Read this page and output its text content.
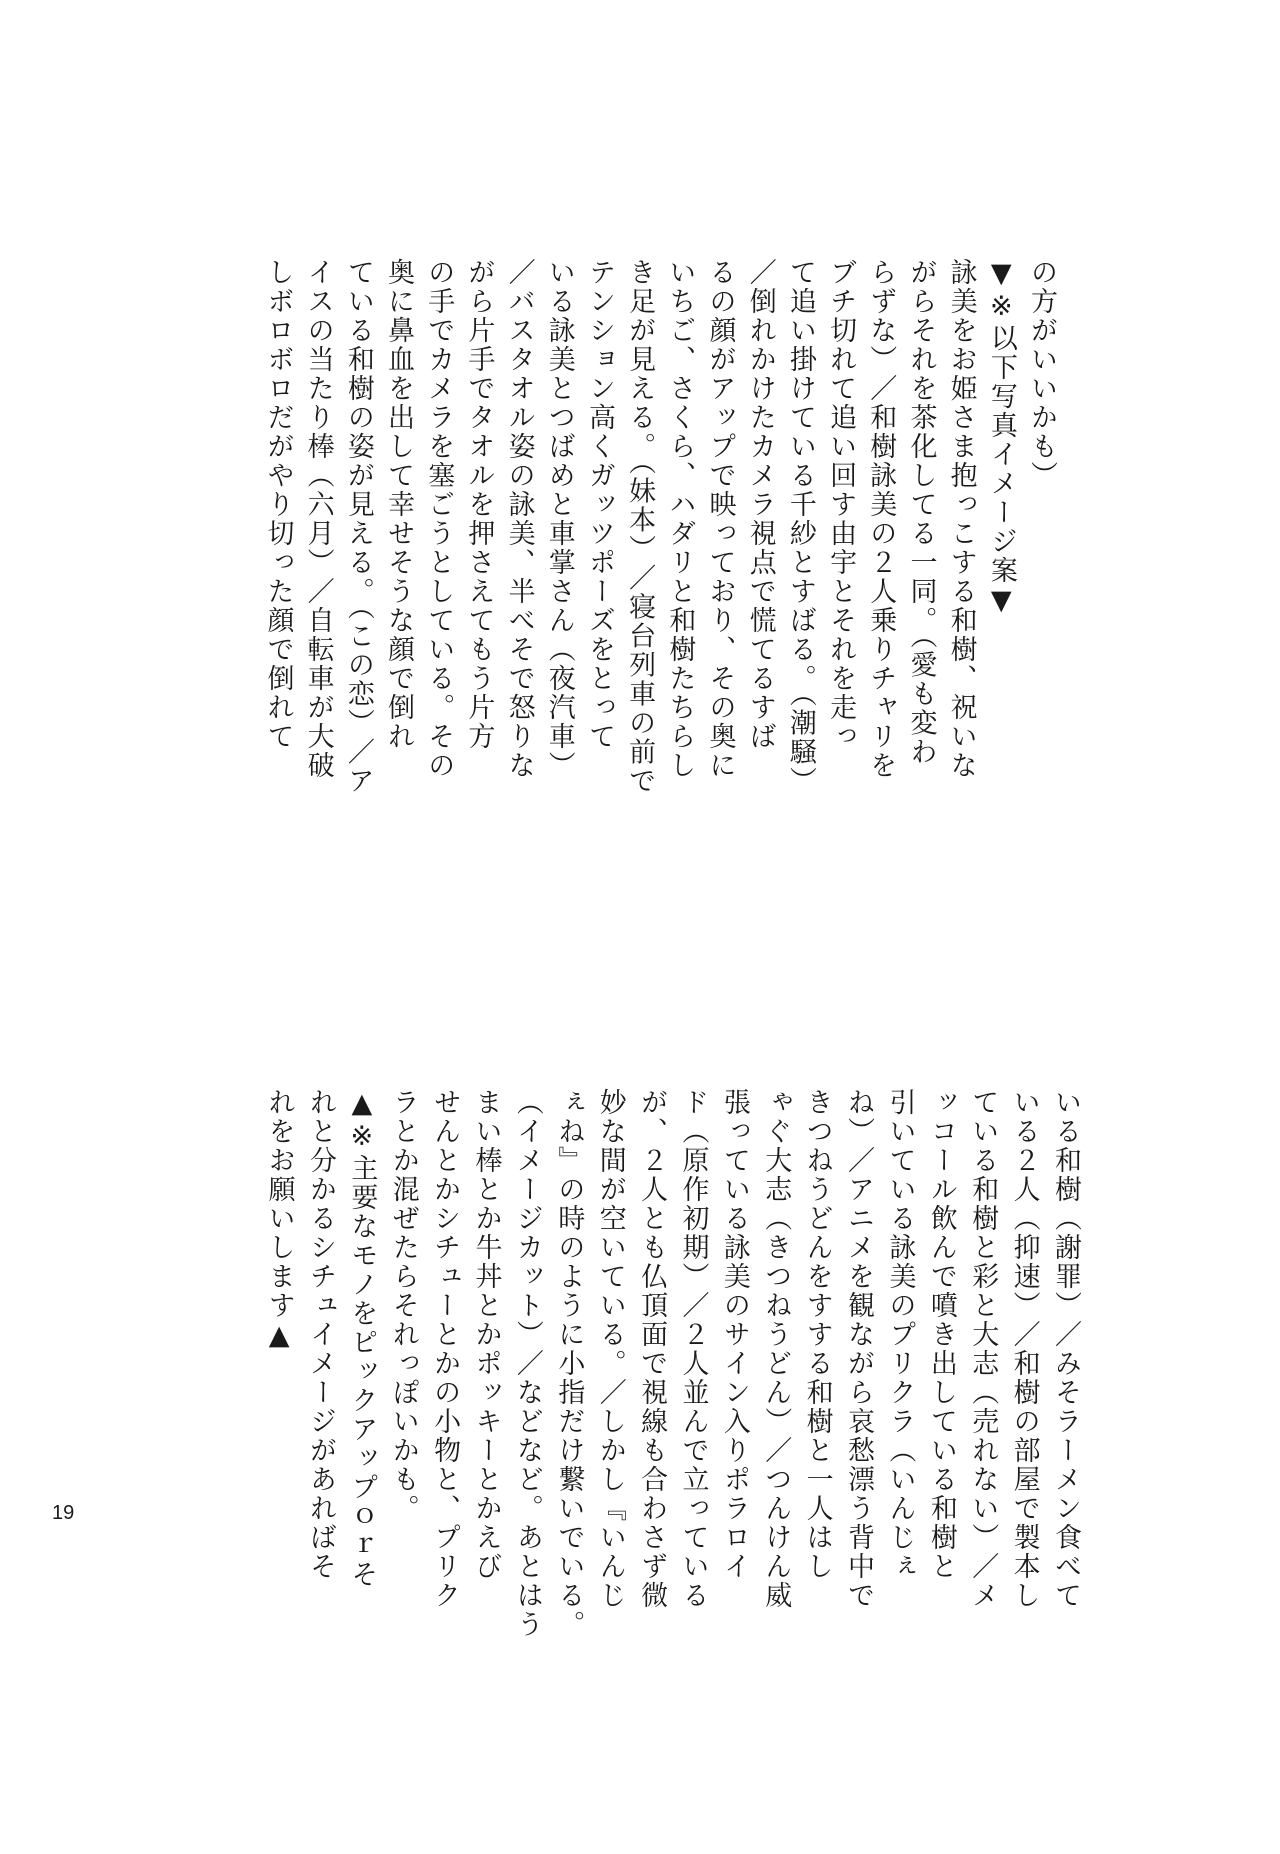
の方がいいかも）
▼※以下写真イメージ案▼
詠美をお姫さま抱っこする和樹、祝いな
がらそれを茶化してる一同。（愛も変わ
らずな）／和樹詠美の２人乗りチャリを
ブチ切れて追い回す由宇とそれを走っ
て追い掛けている千紗とすばる。（潮騒）
／倒れかけたカメラ視点で慌てるすば
るの顔がアップで映っており、その奥に
いちご、さくら、ハダリと和樹たちらし
き足が見える。（妹本）／寝台列車の前で
テンション高くガッツポーズをとって
いる詠美とつばめと車掌さん（夜汽車）
／バスタオル姿の詠美、半べそで怒りな
がら片手でタオルを押さえてもう片方
の手でカメラを塞ごうとしている。その
奥に鼻血を出して幸せそうな顔で倒れ
ている和樹の姿が見える。（この恋）／ア
イスの当たり棒（六月）／自転車が大破
しボロボロだがやり切った顔で倒れて
いる和樹（謝罪）／みそラーメン食べて
いる２人（抑速）／和樹の部屋で製本し
ている和樹と彩と大志（売れない）／メ
ッコール飲んで噴き出している和樹と
引いている詠美のプリクラ（いんじぇ
ね）／アニメを観ながら哀愁漂う背中で
きつねうどんをすする和樹と一人はし
ゃぐ大志（きつねうどん）／つんけん威
張っている詠美のサイン入りポラロイ
ド（原作初期）／２人並んで立っている
が、２人とも仏頂面で視線も合わさず微
妙な間が空いている。／しかし『いんじ
ぇね』の時のように小指だけ繋いでいる。
（イメージカット）／などなど。あとはう
まい棒とか牛丼とかポッキーとかえび
せんとかシチューとかの小物と、プリク
ラとか混ぜたらそれっぽいかも。
▲※主要なモノをピックアップｏｒそ
れと分かるシチュイメージがあればそ
れをお願いします▲
19
